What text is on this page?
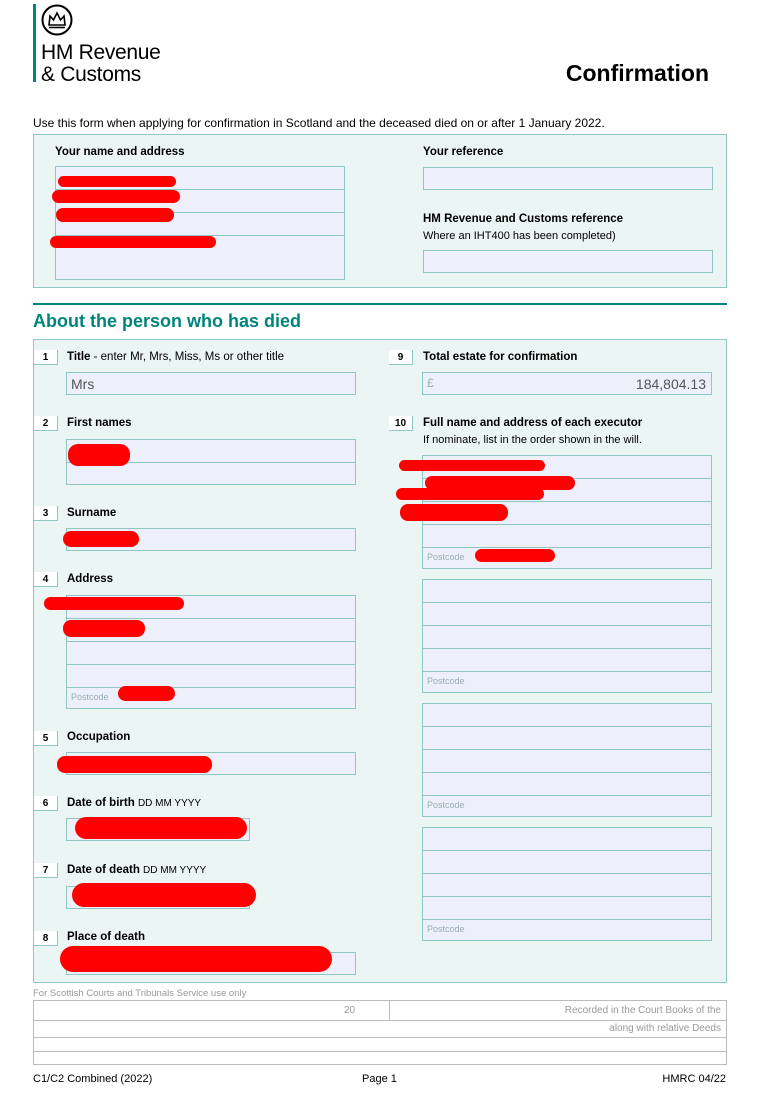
HM Revenue
& Customs	Confirmation
Use this form when applying for confirmation in Scotland and the deceased died on or after 1 January 2022.
Your name and address	Your reference
HM Revenue and Customs reference
Where an IHT400 has been completed)
About the person who has died
1	Title - enter Mr, Mrs, Miss, Ms or other title
Mrs
2	First names
3	Surname
4	Address
Postcode
5	Occupation
6	Date of birth DD MM YYYY
7	Date of death DD MM YYYY
8	Place of death
9	Total estate for confirmation
£	184,804.13
10	Full name and address of each executor
If nominate, list in the order shown in the will.
Postcode
Postcode
Postcode
Postcode
For Scottish Courts and Tribunals Service use only
20	Recorded in the Court Books of the
along with relative Deeds
C1/C2 Combined (2022)	Page 1	HMRC 04/22
